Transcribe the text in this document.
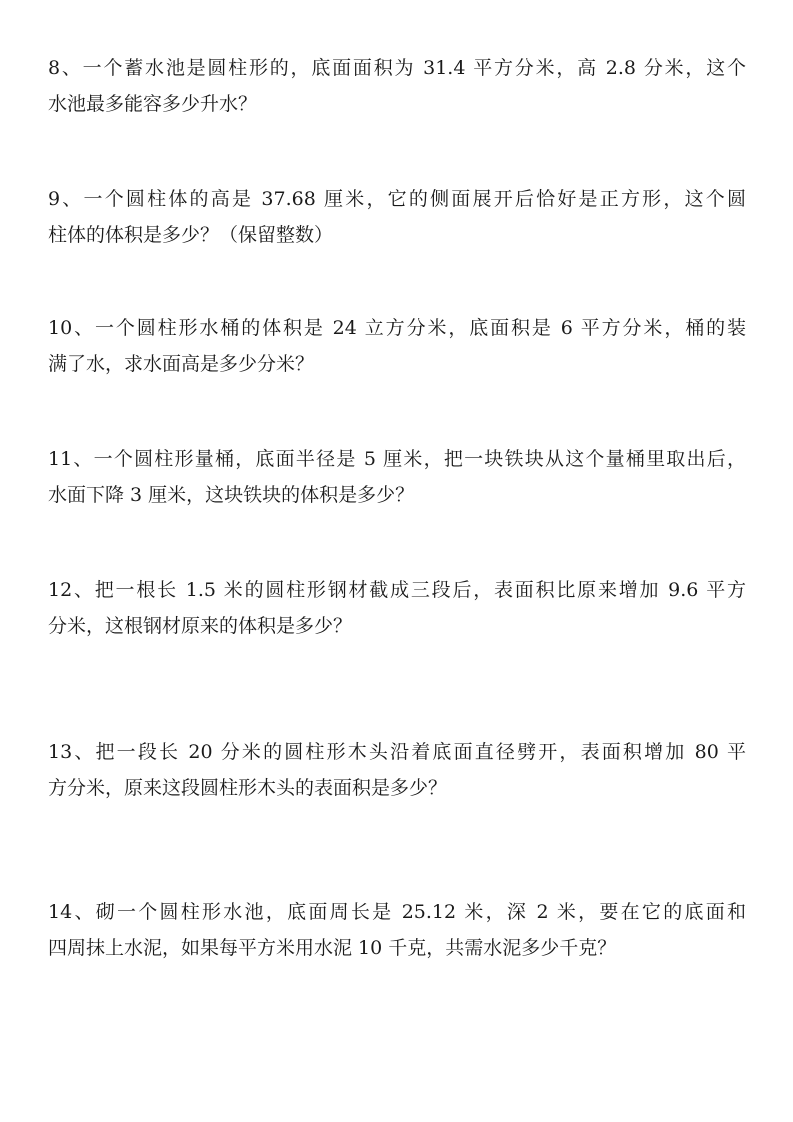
8、一个蓄水池是圆柱形的，底面面积为 31.4 平方分米，高 2.8 分米，这个
水池最多能容多少升水？
9、一个圆柱体的高是 37.68 厘米，它的侧面展开后恰好是正方形，这个圆
柱体的体积是多少？（保留整数）
10、一个圆柱形水桶的体积是 24 立方分米，底面积是 6 平方分米，桶的装
满了水，求水面高是多少分米？
11、一个圆柱形量桶，底面半径是 5 厘米，把一块铁块从这个量桶里取出后，
水面下降 3 厘米，这块铁块的体积是多少？
12、把一根长 1.5 米的圆柱形钢材截成三段后，表面积比原来增加 9.6 平方
分米，这根钢材原来的体积是多少？
13、把一段长 20 分米的圆柱形木头沿着底面直径劈开，表面积增加 80 平
方分米，原来这段圆柱形木头的表面积是多少？
14、砌一个圆柱形水池，底面周长是 25.12 米，深 2 米，要在它的底面和
四周抹上水泥，如果每平方米用水泥 10 千克，共需水泥多少千克？
